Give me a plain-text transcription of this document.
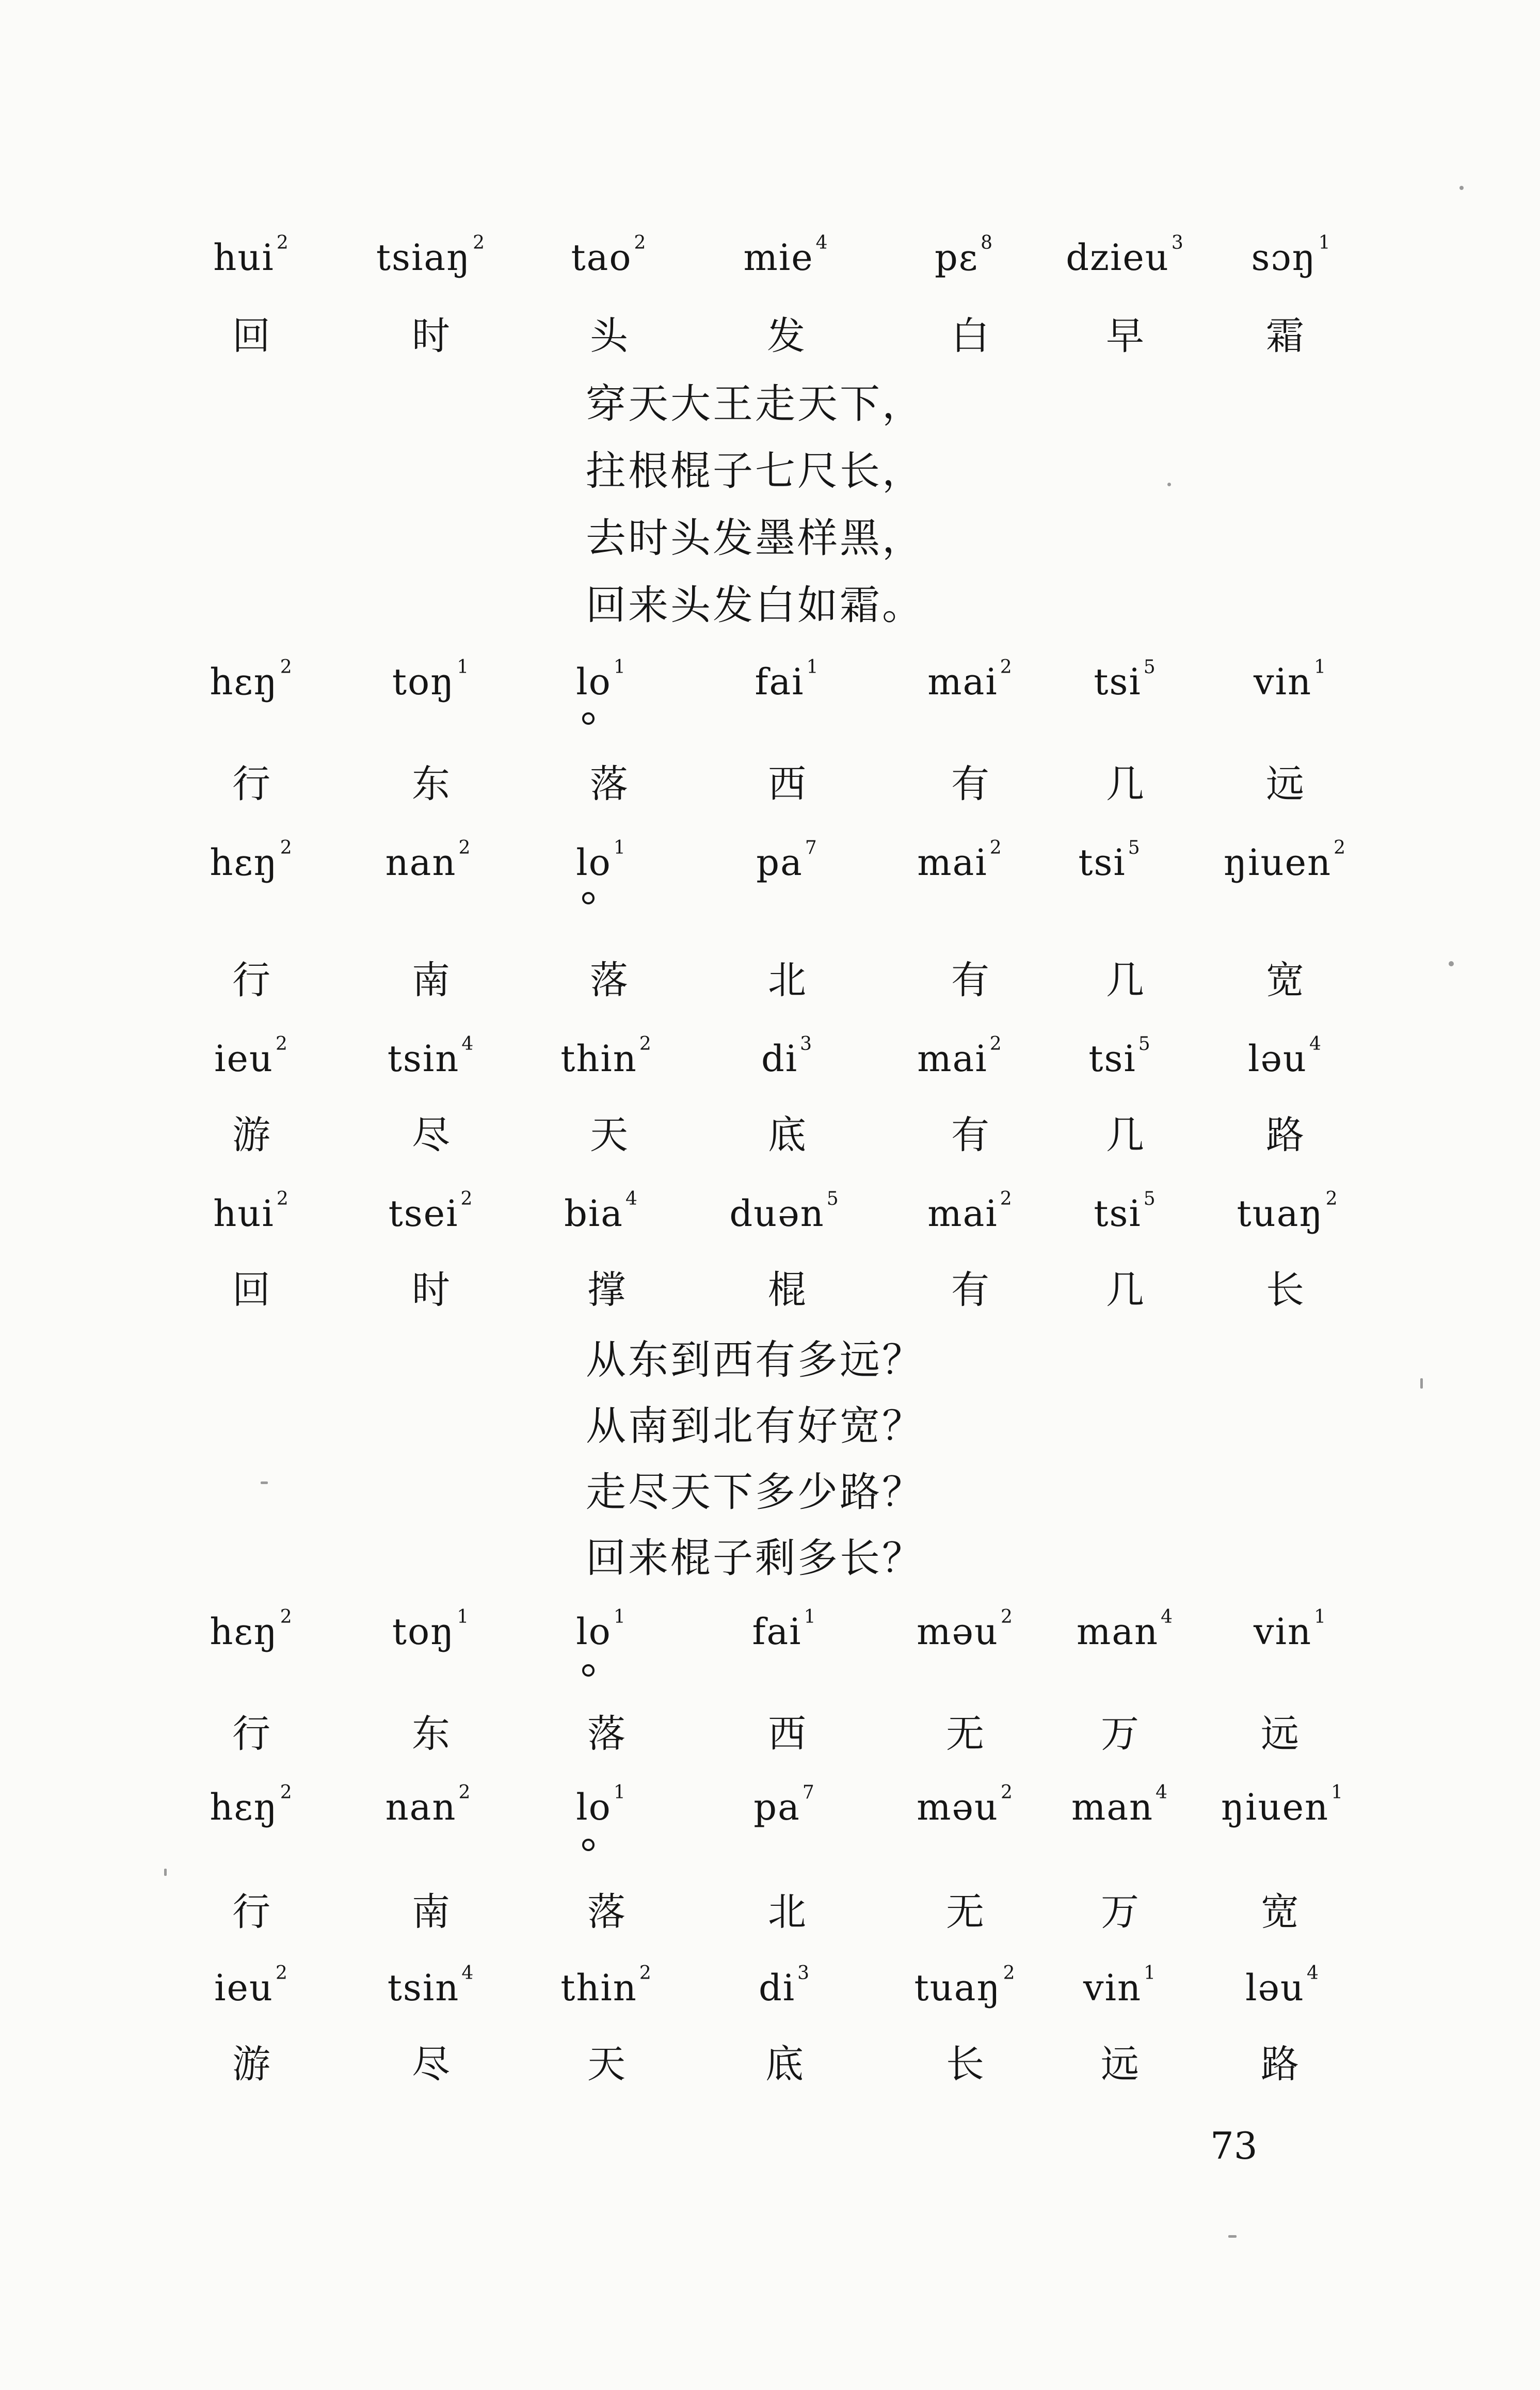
hui $^2$	tsiaŋ $^2$	tao $^2$	mie $^4$	pɛ $^8$	dzieu $^3$	sɔŋ $^1$
回	时	头	发	白	早	霜
穿天大王走天下，
拄根棍子七尺长，
去时头发墨样黑，
回来头发白如霜。
hɛŋ $^2$	toŋ $^1$	lo $^1$	fai $^1$	mai $^2$	tsi $^5$	vin $^1$
行	东	落	西	有	几	远
hɛŋ $^2$	nan $^2$	lo $^1$	pa $^7$	mai $^2$	tsi $^5$	ŋiuen $^2$
行	南	落	北	有	几	宽
ieu $^2$	tsin $^4$	thin $^2$	di $^3$	mai $^2$	tsi $^5$	ləu $^4$
游	尽	天	底	有	几	路
hui $^2$	tsei $^2$	bia $^4$	duən $^5$	mai $^2$	tsi $^5$	tuaŋ $^2$
回	时	撑	棍	有	几	长
从东到西有多远？
从南到北有好宽？
走尽天下多少路？
回来棍子剩多长？
hɛŋ $^2$	toŋ $^1$	lo $^1$	fai $^1$	məu $^2$	man $^4$	vin $^1$
行	东	落	西	无	万	远
hɛŋ $^2$	nan $^2$	lo $^1$	pa $^7$	məu $^2$	man $^4$	ŋiuen $^1$
行	南	落	北	无	万	宽
ieu $^2$	tsin $^4$	thin $^2$	di $^3$	tuaŋ $^2$	vin $^1$	ləu $^4$
游	尽	天	底	长	远	路
73
